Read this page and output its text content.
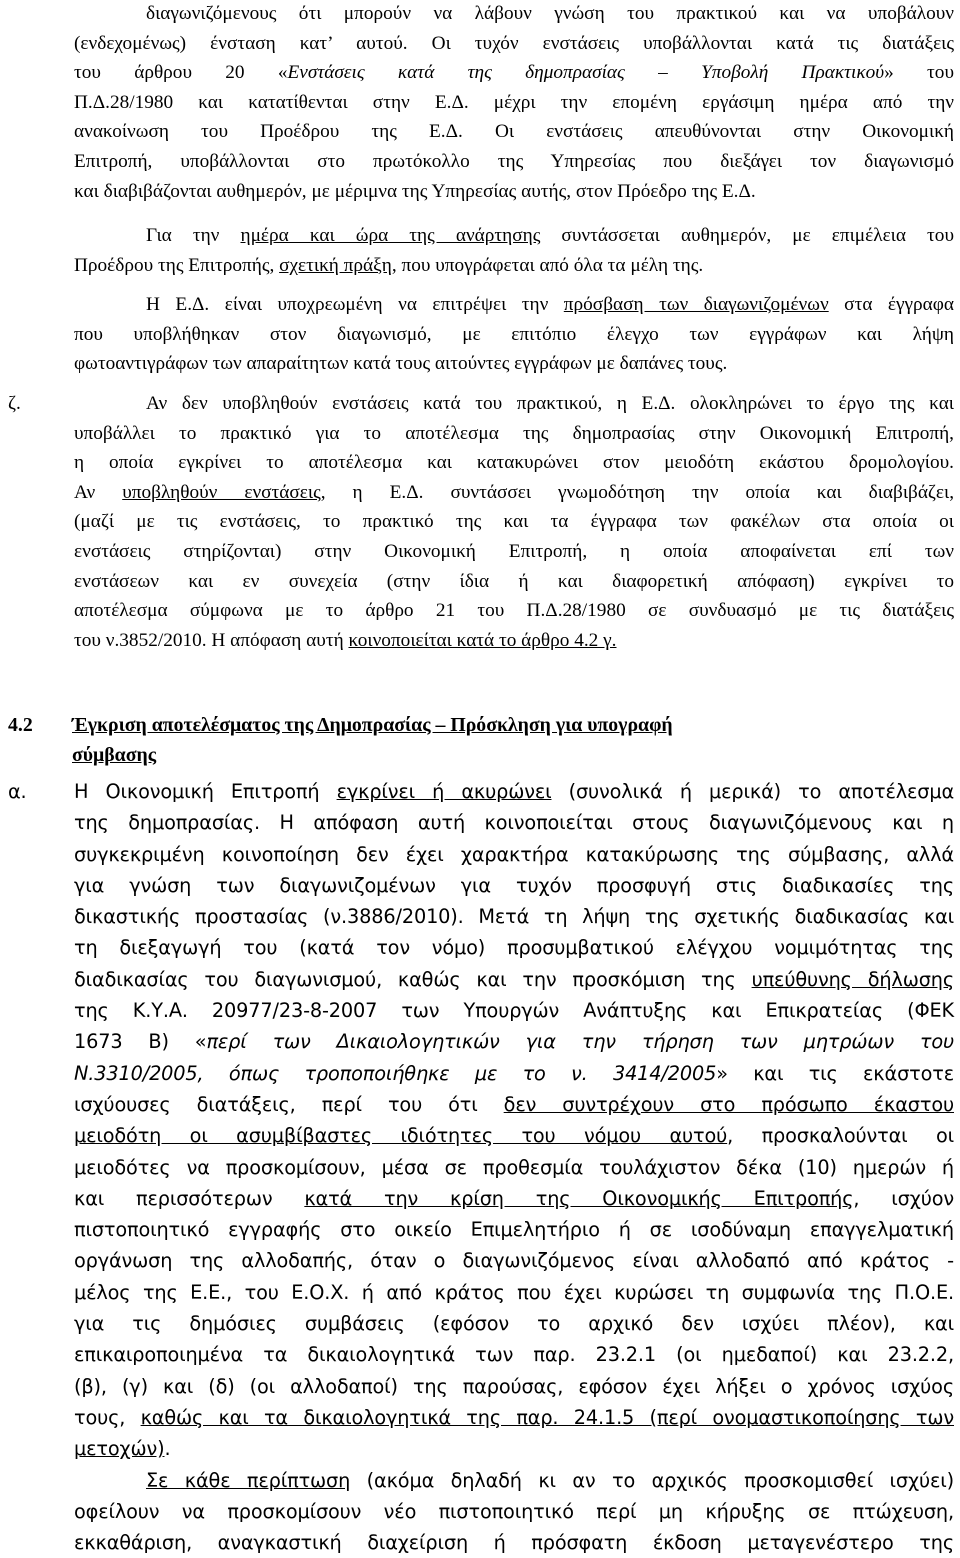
διαγωνιζόμενους ότι μπορούν να λάβουν γνώση του πρακτικού και να υποβάλουν
(ενδεχομένως) ένσταση κατ’ αυτού. Οι τυχόν ενστάσεις υποβάλλονται κατά τις διατάξεις
του άρθρου 20 «Ενστάσεις κατά της δημοπρασίας – Υποβολή Πρακτικού» του
Π.Δ.28/1980 και κατατίθενται στην Ε.Δ. μέχρι την επομένη εργάσιμη ημέρα από την
ανακοίνωση του Προέδρου της Ε.Δ. Οι ενστάσεις απευθύνονται στην Οικονομική
Επιτροπή, υποβάλλονται στο πρωτόκολλο της Υπηρεσίας που διεξάγει τον διαγωνισμό
και διαβιβάζονται αυθημερόν, με μέριμνα της Υπηρεσίας αυτής, στον Πρόεδρο της Ε.Δ.
Για την ημέρα και ώρα της ανάρτησης συντάσσεται αυθημερόν, με επιμέλεια του
Προέδρου της Επιτροπής, σχετική πράξη, που υπογράφεται από όλα τα μέλη της.
Η Ε.Δ. είναι υποχρεωμένη να επιτρέψει την πρόσβαση των διαγωνιζομένων στα έγγραφα
που υποβλήθηκαν στον διαγωνισμό, με επιτόπιο έλεγχο των εγγράφων και λήψη
φωτοαντιγράφων των απαραίτητων κατά τους αιτούντες εγγράφων με δαπάνες τους.
ζ.	Αν δεν υποβληθούν ενστάσεις κατά του πρακτικού, η Ε.Δ. ολοκληρώνει το έργο της και
υποβάλλει το πρακτικό για το αποτέλεσμα της δημοπρασίας στην Οικονομική Επιτροπή,
η οποία εγκρίνει το αποτέλεσμα και κατακυρώνει στον μειοδότη εκάστου δρομολογίου.
Αν υποβληθούν ενστάσεις, η Ε.Δ. συντάσσει γνωμοδότηση την οποία και διαβιβάζει,
(μαζί με τις ενστάσεις, το πρακτικό της και τα έγγραφα των φακέλων στα οποία οι
ενστάσεις στηρίζονται) στην Οικονομική Επιτροπή, η οποία αποφαίνεται επί των
ενστάσεων και εν συνεχεία (στην ίδια ή και διαφορετική απόφαση) εγκρίνει το
αποτέλεσμα σύμφωνα με το άρθρο 21 του Π.Δ.28/1980 σε συνδυασμό με τις διατάξεις
του ν.3852/2010. Η απόφαση αυτή κοινοποιείται κατά το άρθρο 4.2 γ.
4.2 Έγκριση αποτελέσματος της Δημοπρασίας – Πρόσκληση για υπογραφή
σύμβασης
α. Η Οικονομική Επιτροπή εγκρίνει ή ακυρώνει (συνολικά ή μερικά) το αποτέλεσμα
της δημοπρασίας. Η απόφαση αυτή κοινοποιείται στους διαγωνιζόμενους και η
συγκεκριμένη κοινοποίηση δεν έχει χαρακτήρα κατακύρωσης της σύμβασης, αλλά
για γνώση των διαγωνιζομένων για τυχόν προσφυγή στις διαδικασίες της
δικαστικής προστασίας (ν.3886/2010). Μετά τη λήψη της σχετικής διαδικασίας και
τη διεξαγωγή του (κατά τον νόμο) προσυμβατικού ελέγχου νομιμότητας της
διαδικασίας του διαγωνισμού, καθώς και την προσκόμιση της υπεύθυνης δήλωσης
της Κ.Υ.Α. 20977/23-8-2007 των Υπουργών Ανάπτυξης και Επικρατείας (ΦΕΚ
1673 Β) «περί των Δικαιολογητικών για την τήρηση των μητρώων του
Ν.3310/2005, όπως τροποποιήθηκε με το ν. 3414/2005» και τις εκάστοτε
ισχύουσες διατάξεις, περί του ότι δεν συντρέχουν στο πρόσωπο έκαστου
μειοδότη οι ασυμβίβαστες ιδιότητες του νόμου αυτού, προσκαλούνται οι
μειοδότες να προσκομίσουν, μέσα σε προθεσμία τουλάχιστον δέκα (10) ημερών ή
και περισσότερων κατά την κρίση της Οικονομικής Επιτροπής, ισχύον
πιστοποιητικό εγγραφής στο οικείο Επιμελητήριο ή σε ισοδύναμη επαγγελματική
οργάνωση της αλλοδαπής, όταν ο διαγωνιζόμενος είναι αλλοδαπό από κράτος -
μέλος της Ε.Ε., του Ε.Ο.Χ. ή από κράτος που έχει κυρώσει τη συμφωνία της Π.Ο.Ε.
για τις δημόσιες συμβάσεις (εφόσον το αρχικό δεν ισχύει πλέον), και
επικαιροποιημένα τα δικαιολογητικά των παρ. 23.2.1 (οι ημεδαποί) και 23.2.2,
(β), (γ) και (δ) (οι αλλοδαποί) της παρούσας, εφόσον έχει λήξει ο χρόνος ισχύος
τους, καθώς και τα δικαιολογητικά της παρ. 24.1.5 (περί ονομαστικοποίησης των
μετοχών).
Σε κάθε περίπτωση (ακόμα δηλαδή κι αν το αρχικός προσκομισθεί ισχύει)
οφείλουν να προσκομίσουν νέο πιστοποιητικό περί μη κήρυξης σε πτώχευση,
εκκαθάριση, αναγκαστική διαχείριση ή πρόσφατη έκδοση μεταγενέστερο της
